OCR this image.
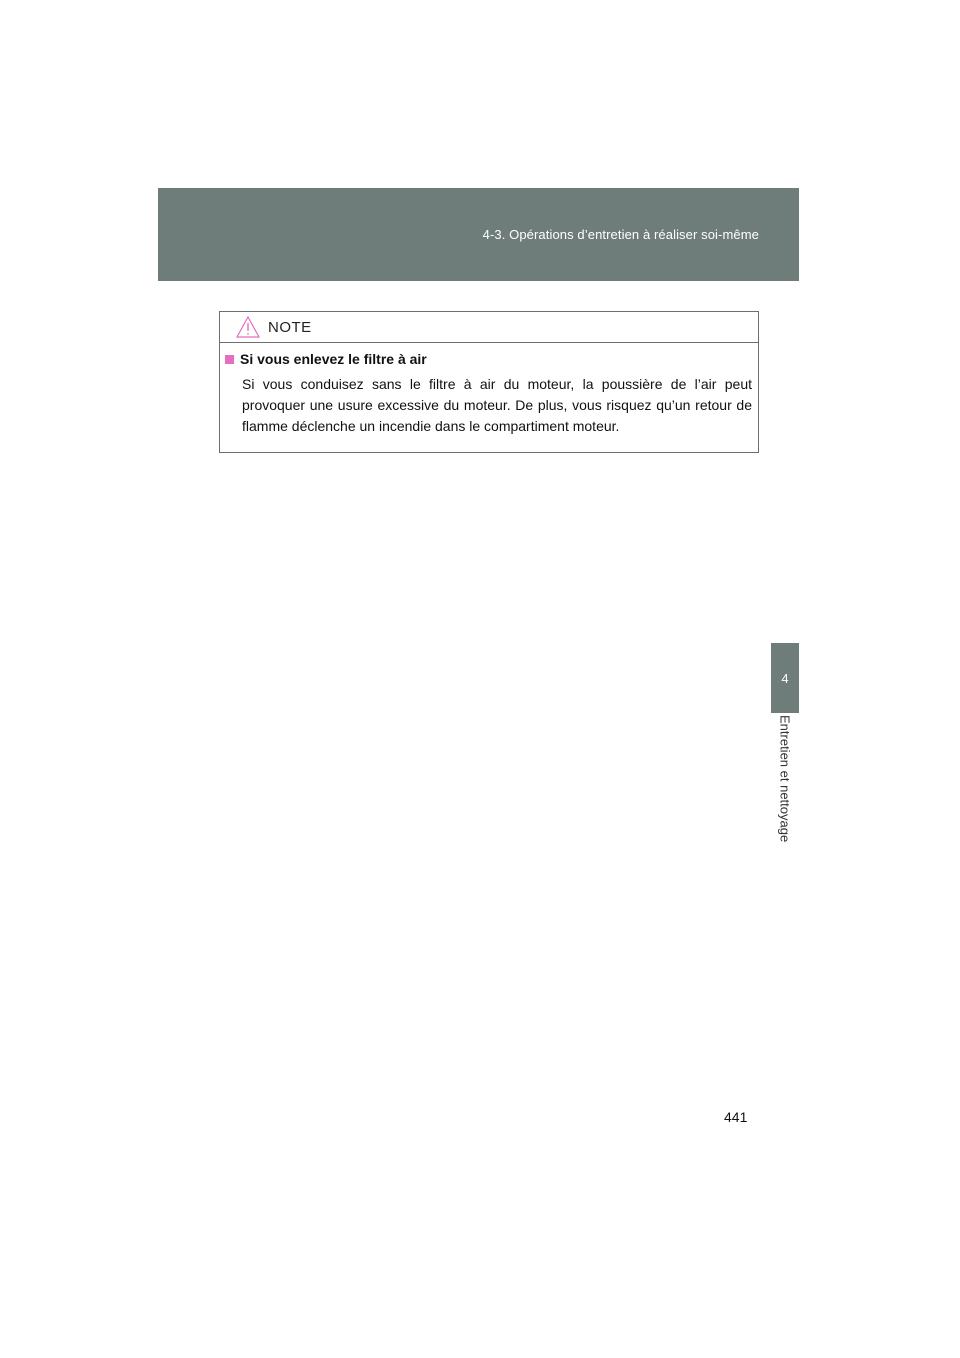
4-3. Opérations d’entretien à réaliser soi-même
4
Entretien et nettoyage
NOTE
Si vous enlevez le filtre à air

Si vous conduisez sans le filtre à air du moteur, la poussière de l’air peut provoquer une usure excessive du moteur. De plus, vous risquez qu’un retour de flamme déclenche un incendie dans le compartiment moteur.

441
